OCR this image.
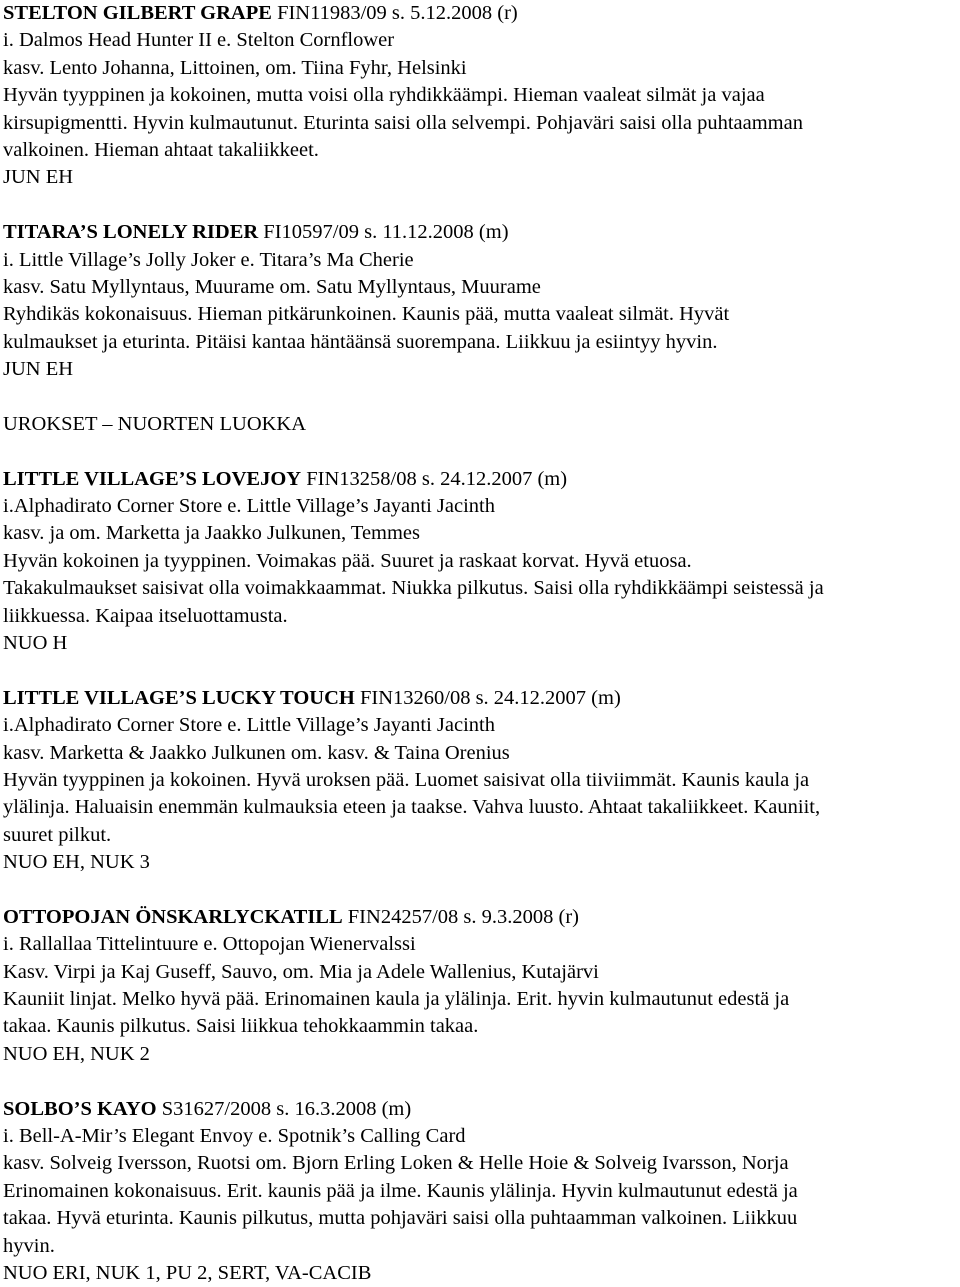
STELTON GILBERT GRAPE FIN11983/09 s. 5.12.2008 (r)
i. Dalmos Head Hunter II e. Stelton Cornflower
kasv. Lento Johanna, Littoinen, om. Tiina Fyhr, Helsinki
Hyvän tyyppinen ja kokoinen, mutta voisi olla ryhdikkäämpi. Hieman vaaleat silmät ja vajaa
kirsupigmentti. Hyvin kulmautunut. Eturinta saisi olla selvempi. Pohjaväri saisi olla puhtaamman
valkoinen. Hieman ahtaat takaliikkeet.
JUN EH
TITARA’S LONELY RIDER FI10597/09 s. 11.12.2008 (m)
i. Little Village’s Jolly Joker e. Titara’s Ma Cherie
kasv. Satu Myllyntaus, Muurame om. Satu Myllyntaus, Muurame
Ryhdikäs kokonaisuus. Hieman pitkärunkoinen. Kaunis pää, mutta vaaleat silmät. Hyvät
kulmaukset ja eturinta. Pitäisi kantaa häntäänsä suorempana. Liikkuu ja esiintyy hyvin.
JUN EH
UROKSET – NUORTEN LUOKKA
LITTLE VILLAGE’S LOVEJOY FIN13258/08 s. 24.12.2007 (m)
i.Alphadirato Corner Store e. Little Village’s Jayanti Jacinth
kasv. ja om. Marketta ja Jaakko Julkunen, Temmes
Hyvän kokoinen ja tyyppinen. Voimakas pää. Suuret ja raskaat korvat. Hyvä etuosa.
Takakulmaukset saisivat olla voimakkaammat. Niukka pilkutus. Saisi olla ryhdikkäämpi seistessä ja
liikkuessa. Kaipaa itseluottamusta.
NUO H
LITTLE VILLAGE’S LUCKY TOUCH FIN13260/08 s. 24.12.2007 (m)
i.Alphadirato Corner Store e. Little Village’s Jayanti Jacinth
kasv. Marketta & Jaakko Julkunen om. kasv. & Taina Orenius
Hyvän tyyppinen ja kokoinen. Hyvä uroksen pää. Luomet saisivat olla tiiviimmät. Kaunis kaula ja
ylälinja. Haluaisin enemmän kulmauksia eteen ja taakse. Vahva luusto. Ahtaat takaliikkeet. Kauniit,
suuret pilkut.
NUO EH, NUK 3
OTTOPOJAN ÖNSKARLYCKATILL FIN24257/08 s. 9.3.2008 (r)
i. Rallallaa Tittelintuure e. Ottopojan Wienervalssi
Kasv. Virpi ja Kaj Guseff, Sauvo, om. Mia ja Adele Wallenius, Kutajärvi
Kauniit linjat. Melko hyvä pää. Erinomainen kaula ja ylälinja. Erit. hyvin kulmautunut edestä ja
takaa. Kaunis pilkutus. Saisi liikkua tehokkaammin takaa.
NUO EH, NUK 2
SOLBO’S KAYO S31627/2008 s. 16.3.2008 (m)
i. Bell-A-Mir’s Elegant Envoy e. Spotnik’s Calling Card
kasv. Solveig Iversson, Ruotsi om. Bjorn Erling Loken & Helle Hoie & Solveig Ivarsson, Norja
Erinomainen kokonaisuus. Erit. kaunis pää ja ilme. Kaunis ylälinja. Hyvin kulmautunut edestä ja
takaa. Hyvä eturinta. Kaunis pilkutus, mutta pohjaväri saisi olla puhtaamman valkoinen. Liikkuu
hyvin.
NUO ERI, NUK 1, PU 2, SERT, VA-CACIB
